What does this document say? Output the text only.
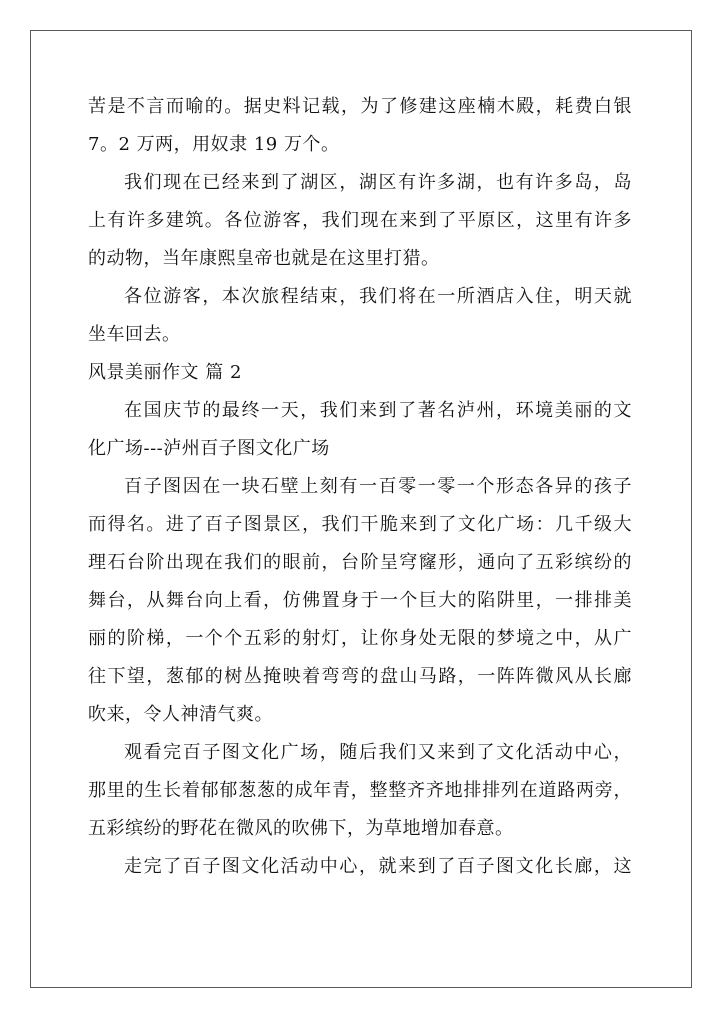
苦是不言而喻的。据史料记载，为了修建这座楠木殿，耗费白银
7。2 万两，用奴隶 19 万个。
我们现在已经来到了湖区，湖区有许多湖，也有许多岛，岛
上有许多建筑。各位游客，我们现在来到了平原区，这里有许多
的动物，当年康熙皇帝也就是在这里打猎。
各位游客，本次旅程结束，我们将在一所酒店入住，明天就
坐车回去。
风景美丽作文 篇 2
在国庆节的最终一天，我们来到了著名泸州，环境美丽的文
化广场---泸州百子图文化广场
百子图因在一块石壁上刻有一百零一零一个形态各异的孩子
而得名。进了百子图景区，我们干脆来到了文化广场：几千级大
理石台阶出现在我们的眼前，台阶呈穹窿形，通向了五彩缤纷的
舞台，从舞台向上看，仿佛置身于一个巨大的陷阱里，一排排美
丽的阶梯，一个个五彩的射灯，让你身处无限的梦境之中，从广
往下望，葱郁的树丛掩映着弯弯的盘山马路，一阵阵微风从长廊
吹来，令人神清气爽。
观看完百子图文化广场，随后我们又来到了文化活动中心，
那里的生长着郁郁葱葱的成年青，整整齐齐地排排列在道路两旁，
五彩缤纷的野花在微风的吹佛下，为草地增加春意。
走完了百子图文化活动中心，就来到了百子图文化长廊，这
